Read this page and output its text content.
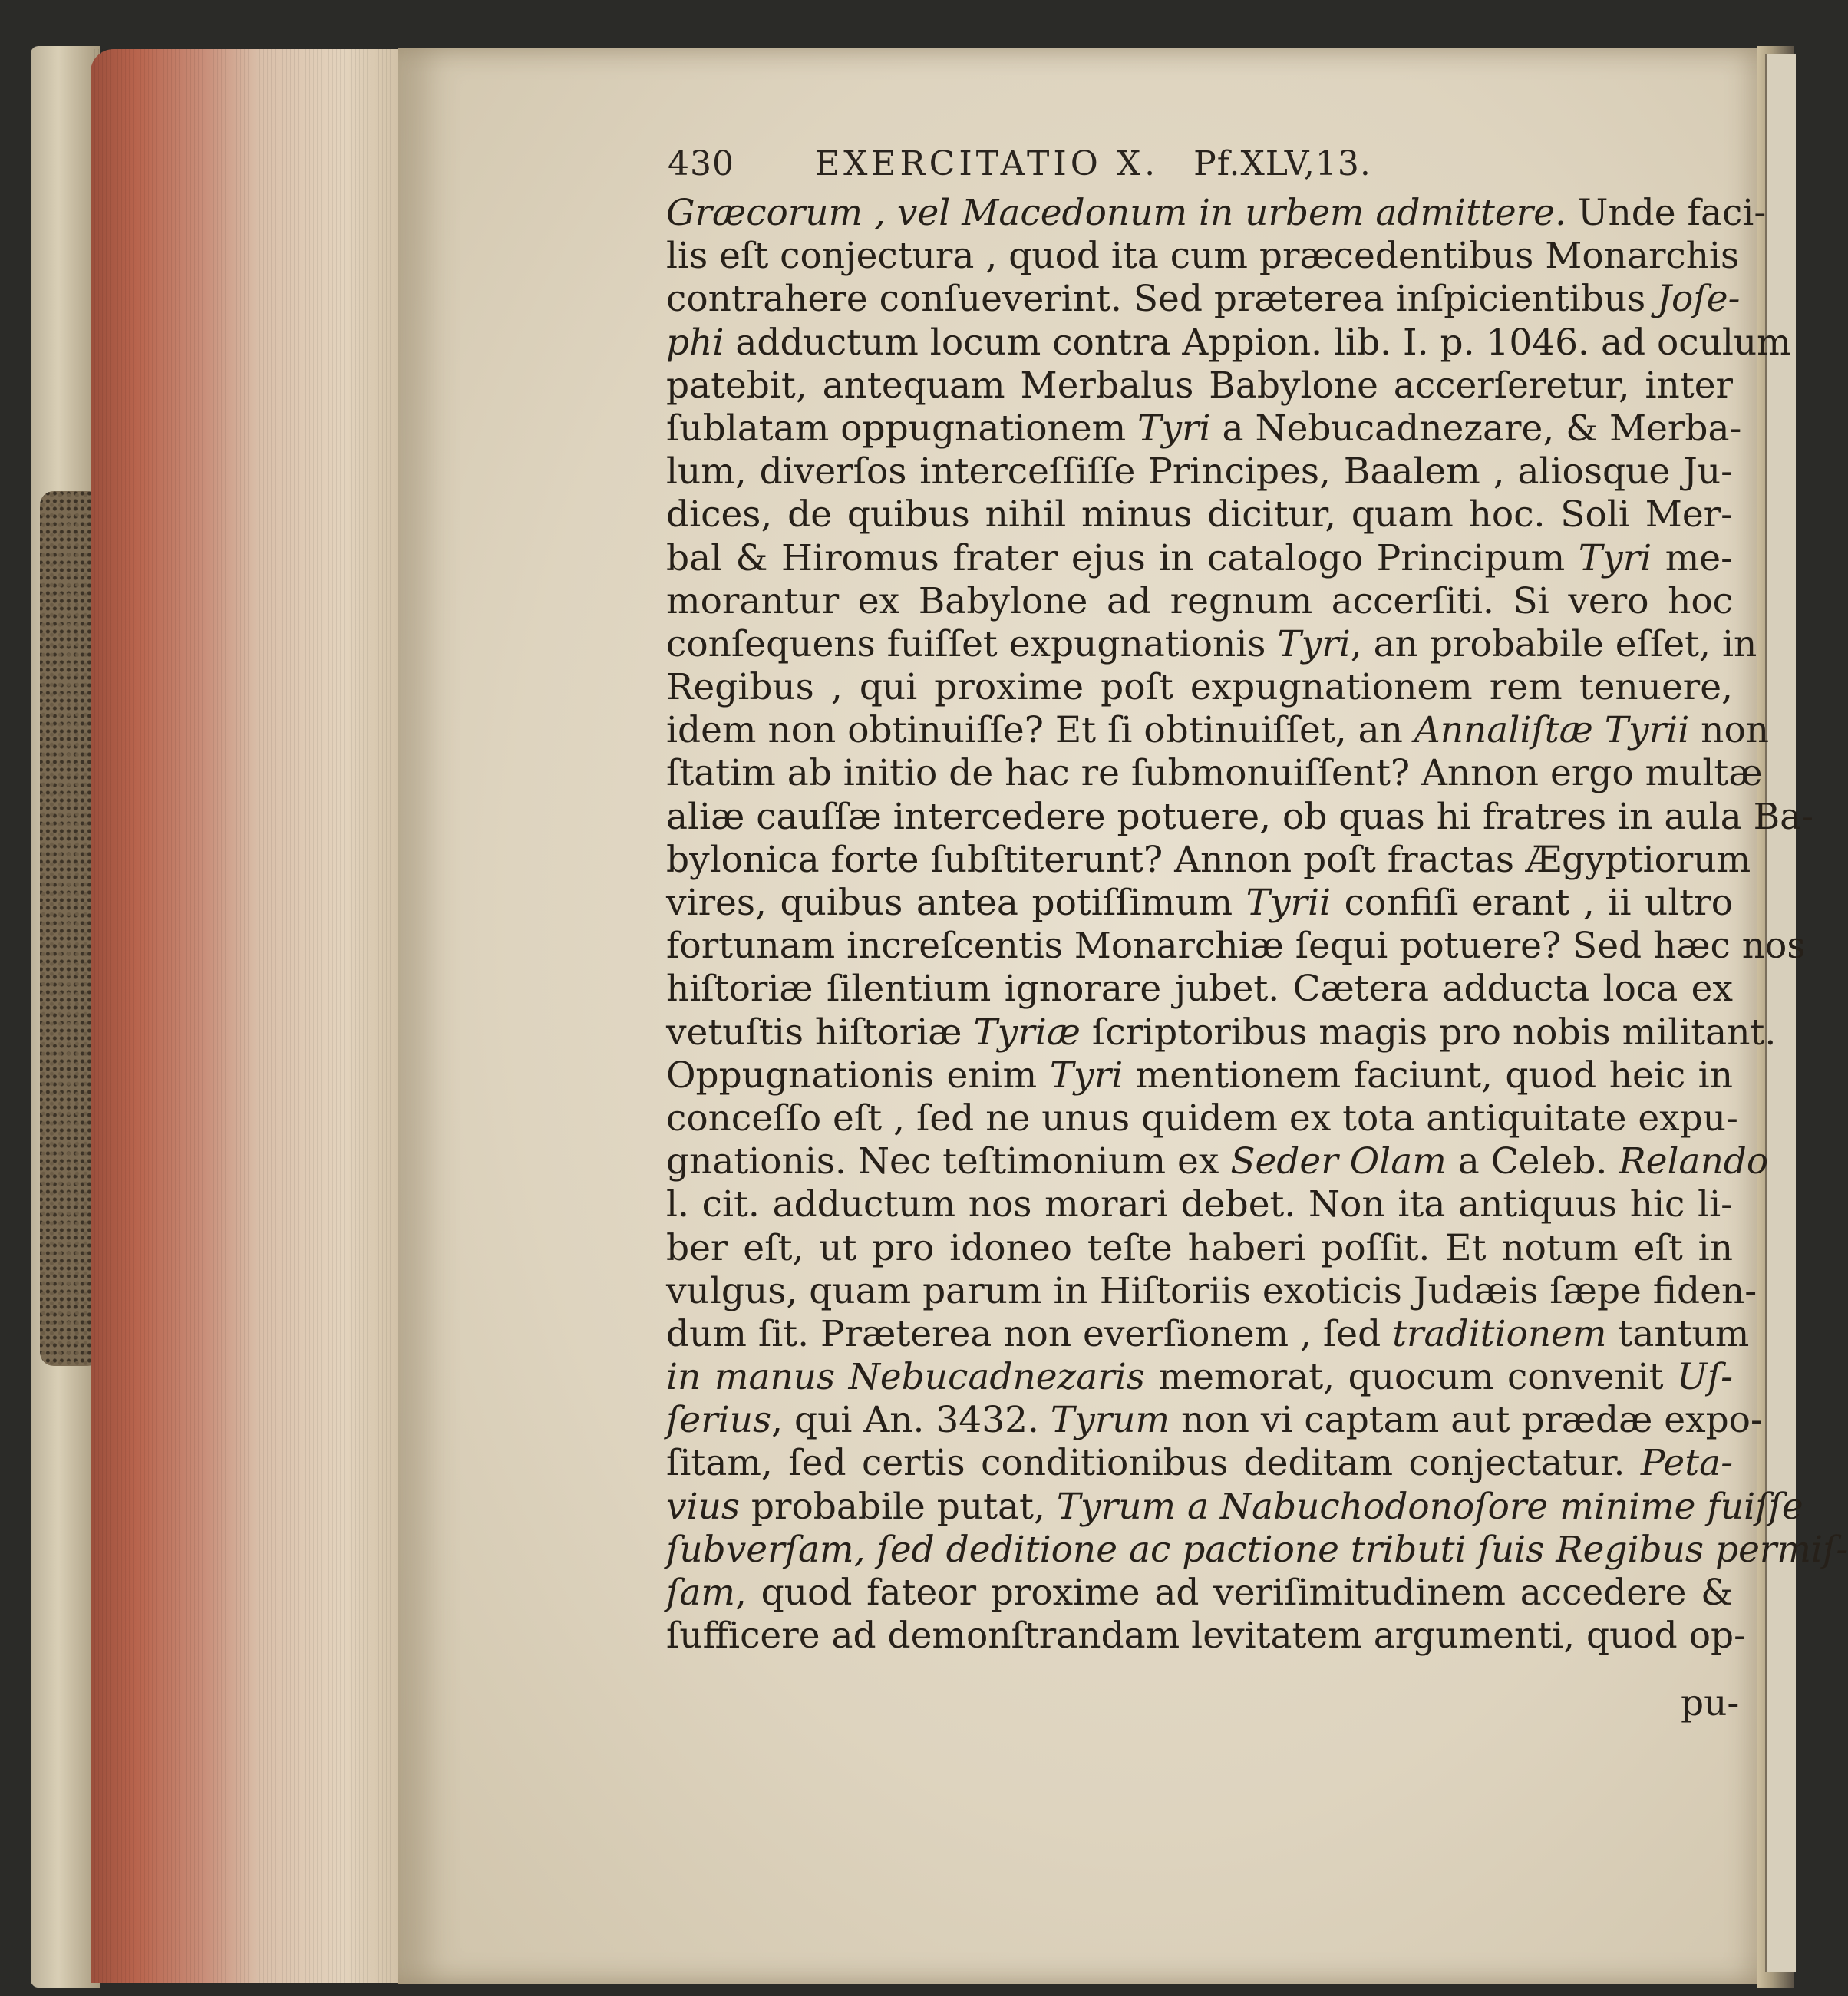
430 EXERCITATIO X. Pf.XLV,13.
Græcorum , vel Macedonum in urbem admittere. Unde faci-
lis eſt conjectura , quod ita cum præcedentibus Monarchis
contrahere conſueverint. Sed præterea inſpicientibus Joſe-
phi adductum locum contra Appion. lib. I. p. 1046. ad oculum
patebit, antequam Merbalus Babylone accerſeretur, inter
ſublatam oppugnationem Tyri a Nebucadnezare, & Merba-
lum, diverſos interceſſiſſe Principes, Baalem , aliosque Ju-
dices, de quibus nihil minus dicitur, quam hoc. Soli Mer-
bal & Hiromus frater ejus in catalogo Principum Tyri me-
morantur ex Babylone ad regnum accerſiti. Si vero hoc
conſequens fuiſſet expugnationis Tyri, an probabile eſſet, in
Regibus , qui proxime poſt expugnationem rem tenuere,
idem non obtinuiſſe? Et ſi obtinuiſſet, an Annaliſtæ Tyrii non
ſtatim ab initio de hac re ſubmonuiſſent? Annon ergo multæ
aliæ cauſſæ intercedere potuere, ob quas hi fratres in aula Ba-
bylonica forte ſubſtiterunt? Annon poſt fractas Ægyptiorum
vires, quibus antea potiſſimum Tyrii confiſi erant , ii ultro
fortunam increſcentis Monarchiæ ſequi potuere? Sed hæc nos
hiſtoriæ ſilentium ignorare jubet. Cætera adducta loca ex
vetuſtis hiſtoriæ Tyriæ ſcriptoribus magis pro nobis militant.
Oppugnationis enim Tyri mentionem faciunt, quod heic in
conceſſo eſt , ſed ne unus quidem ex tota antiquitate expu-
gnationis. Nec teſtimonium ex Seder Olam a Celeb. Relando
l. cit. adductum nos morari debet. Non ita antiquus hic li-
ber eſt, ut pro idoneo teſte haberi poſſit. Et notum eſt in
vulgus, quam parum in Hiſtoriis exoticis Judæis ſæpe fiden-
dum ſit. Præterea non everſionem , ſed traditionem tantum
in manus Nebucadnezaris memorat, quocum convenit Uſ-
ſerius, qui An. 3432. Tyrum non vi captam aut prædæ expo-
ſitam, ſed certis conditionibus deditam conjectatur. Peta-
vius probabile putat, Tyrum a Nabuchodonoſore minime fuiſſe
ſubverſam, ſed deditione ac pactione tributi ſuis Regibus permiſ-
ſam, quod fateor proxime ad veriſimitudinem accedere &
ſufficere ad demonſtrandam levitatem argumenti, quod op-
pu-
